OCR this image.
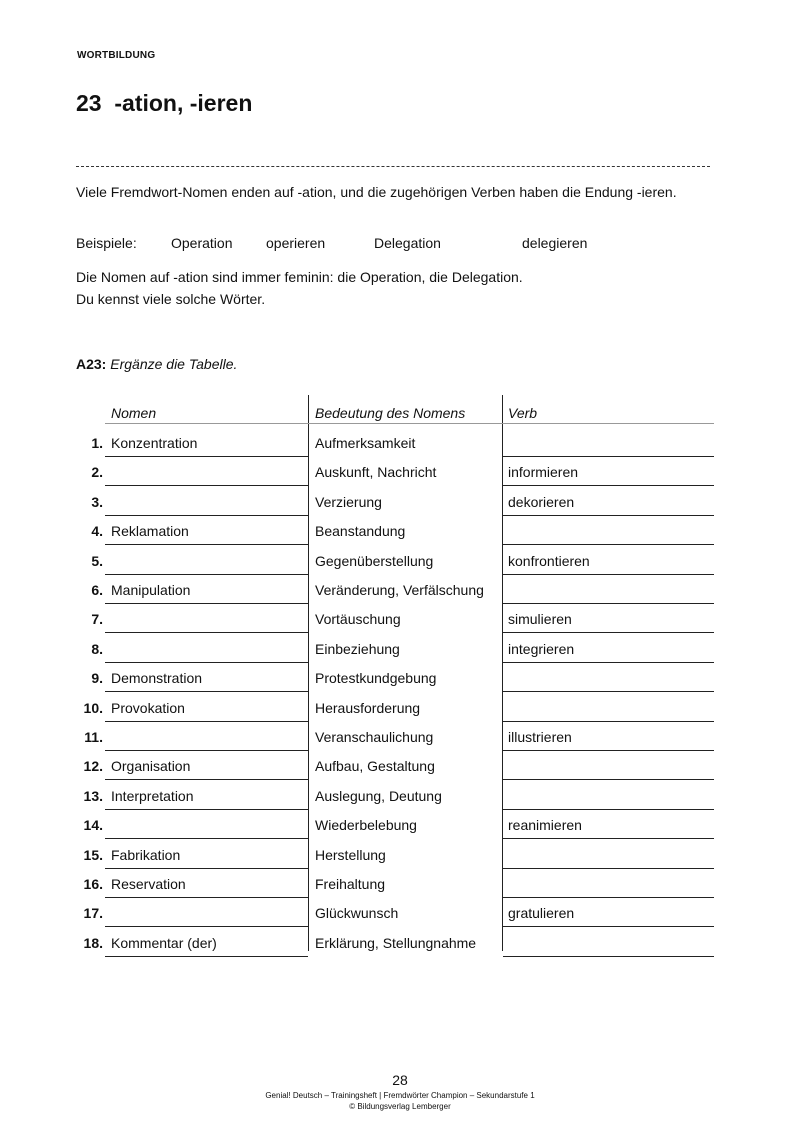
WORTBILDUNG
23  -ation, -ieren

Viele Fremdwort-Nomen enden auf -ation, und die zugehörigen Verben haben die Endung -ieren.

Beispiele: Operation operieren	Delegation	delegieren
Die Nomen auf -ation sind immer feminin: die Operation, die Delegation.
Du kennst viele solche Wörter.
A23: Ergänze die Tabelle.
Nomen	Bedeutung des Nomens	Verb
1. Konzentration	Aufmerksamkeit
2.	Auskunft, Nachricht	informieren
3.	Verzierung	dekorieren
4. Reklamation	Beanstandung
5.	Gegenüberstellung	konfrontieren
6. Manipulation	Veränderung, Verfälschung
7.	Vortäuschung	simulieren
8.	Einbeziehung	integrieren
9. Demonstration	Protestkundgebung
10. Provokation	Herausforderung
11.	Veranschaulichung	illustrieren
12. Organisation	Aufbau, Gestaltung
13. Interpretation	Auslegung, Deutung
14.	Wiederbelebung	reanimieren
15. Fabrikation	Herstellung
16. Reservation	Freihaltung
17.	Glückwunsch	gratulieren
18. Kommentar (der)	Erklärung, Stellungnahme
28
Genial! Deutsch – Trainingsheft | Fremdwörter Champion – Sekundarstufe 1
© Bildungsverlag Lemberger
